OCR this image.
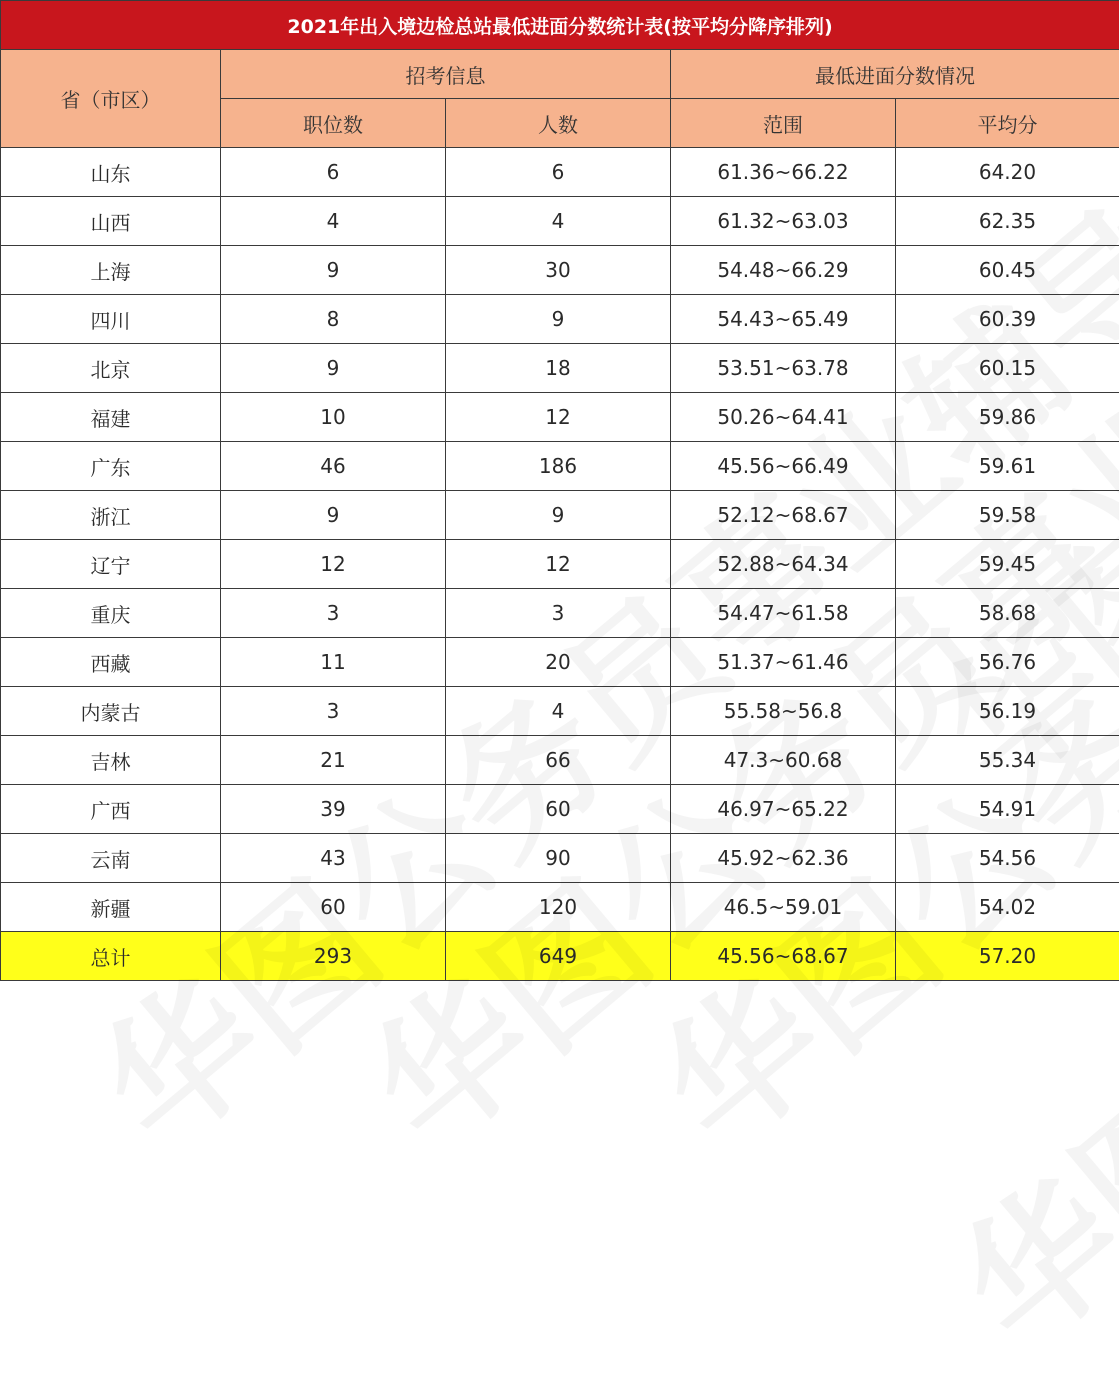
2021年出入境边检总站最低进面分数统计表(按平均分降序排列)				
省（市区）	招考信息		最低进面分数情况	
	职位数	人数	范围	平均分
山东	6	6	61.36~66.22	64.20
山西	4	4	61.32~63.03	62.35
上海	9	30	54.48~66.29	60.45
四川	8	9	54.43~65.49	60.39
北京	9	18	53.51~63.78	60.15
福建	10	12	50.26~64.41	59.86
广东	46	186	45.56~66.49	59.61
浙江	9	9	52.12~68.67	59.58
辽宁	12	12	52.88~64.34	59.45
重庆	3	3	54.47~61.58	58.68
西藏	11	20	51.37~61.46	56.76
内蒙古	3	4	55.58~56.8	56.19
吉林	21	66	47.3~60.68	55.34
广西	39	60	46.97~65.22	54.91
云南	43	90	45.92~62.36	54.56
新疆	60	120	46.5~59.01	54.02
总计	293	649	45.56~68.67	57.20
